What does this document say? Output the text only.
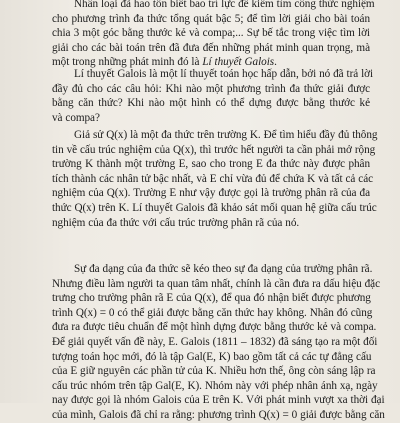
Nhân loại đã hao tốn biết bao trí lực để kiểm tìm công thức nghiệm
cho phương trình đa thức tổng quát bậc 5; để tìm lời giải cho bài toán
chia 3 một góc bằng thước kẻ và compa;... Sự bế tắc trong việc tìm lời
giải cho các bài toán trên đã đưa đến những phát minh quan trọng, mà
một trong những phát minh đó là Lí thuyết Galois.
Lí thuyết Galois là một lí thuyết toán học hấp dẫn, bởi nó đã trả lời
đầy đủ cho các câu hỏi: Khi nào một phương trình đa thức giải được
bằng căn thức? Khi nào một hình có thể dựng được bằng thước kẻ
và compa?
Giả sử Q(x) là một đa thức trên trường K. Để tìm hiểu đầy đủ thông
tin về cấu trúc nghiệm của Q(x), thì trước hết người ta cần phải mở rộng
trường K thành một trường E, sao cho trong E đa thức này được phân
tích thành các nhân tử bậc nhất, và E chỉ vừa đủ để chứa K và tất cả các
nghiệm của Q(x). Trường E như vậy được gọi là trường phân rã của đa
thức Q(x) trên K. Lí thuyết Galois đã khảo sát mối quan hệ giữa cấu trúc
nghiệm của đa thức với cấu trúc trường phân rã của nó.
Sự đa dạng của đa thức sẽ kéo theo sự đa dạng của trường phân rã.
Nhưng điều làm người ta quan tâm nhất, chính là cần đưa ra dấu hiệu đặc
trưng cho trường phân rã E của Q(x), để qua đó nhận biết được phương
trình Q(x) = 0 có thể giải được bằng căn thức hay không. Nhân đó cũng
đưa ra được tiêu chuẩn để một hình dựng được bằng thước kẻ và compa.
Để giải quyết vấn đề này, E. Galois (1811 – 1832) đã sáng tạo ra một đối
tượng toán học mới, đó là tập Gal(E, K) bao gồm tất cả các tự đẳng cấu
của E giữ nguyên các phần tử của K. Nhiều hơn thế, ông còn sáng lập ra
cấu trúc nhóm trên tập Gal(E, K). Nhóm này với phép nhân ánh xạ, ngày
nay được gọi là nhóm Galois của E trên K. Với phát minh vượt xa thời đại
của mình, Galois đã chỉ ra rằng: phương trình Q(x) = 0 giải được bằng căn
